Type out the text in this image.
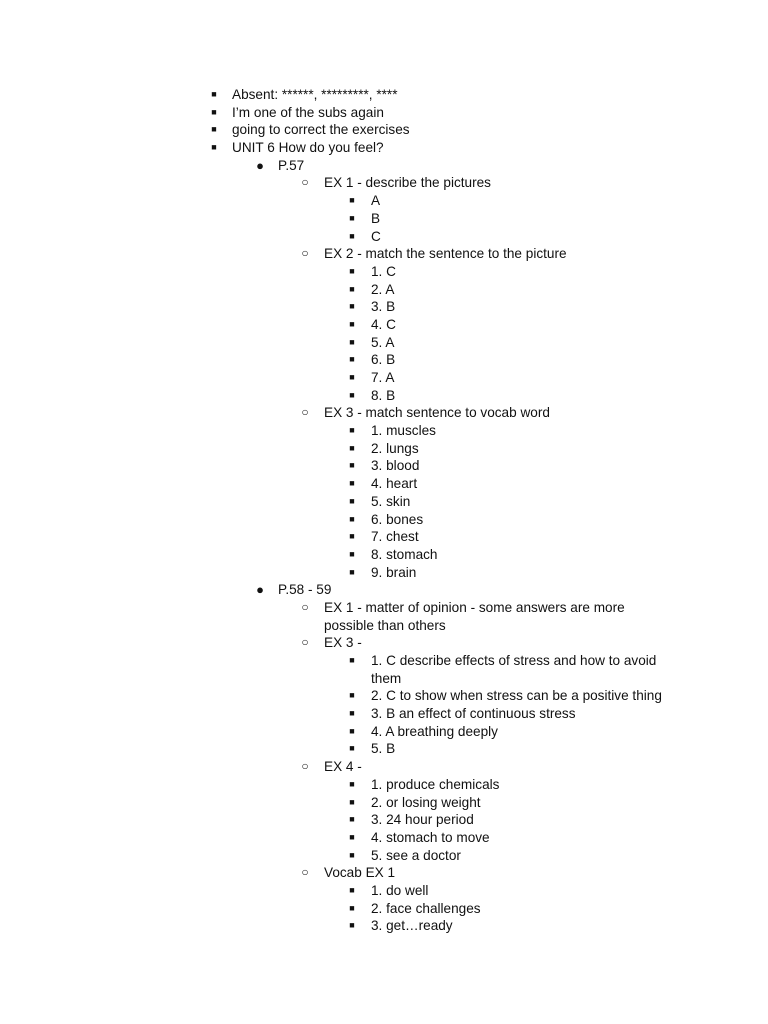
■	Absent: ******, *********, ****
■	I’m one of the subs again
■	going to correct the exercises
■	UNIT 6 How do you feel?
● P.57
○ EX 1 - describe the pictures
■	A
■	B
■	C
○ EX 2 - match the sentence to the picture
■	1. C
■	2. A
■	3. B
■	4. C
■	5. A
■	6. B
■	7. A
■	8. B
○ EX 3 - match sentence to vocab word
■	1. muscles
■	2. lungs
■	3. blood
■	4. heart
■	5. skin
■	6. bones
■	7. chest
■	8. stomach
■	9. brain
● P.58 - 59
○ EX 1 - matter of opinion - some answers are more possible than others
○ EX 3 -
■	1. C describe effects of stress and how to avoid them
■	2. C to show when stress can be a positive thing
■	3. B an effect of continuous stress
■	4. A breathing deeply
■	5. B
○ EX 4 -
■	1. produce chemicals
■	2. or losing weight
■	3. 24 hour period
■	4. stomach to move
■	5. see a doctor
○ Vocab EX 1
■	1. do well
■	2. face challenges
■	3. get…ready
